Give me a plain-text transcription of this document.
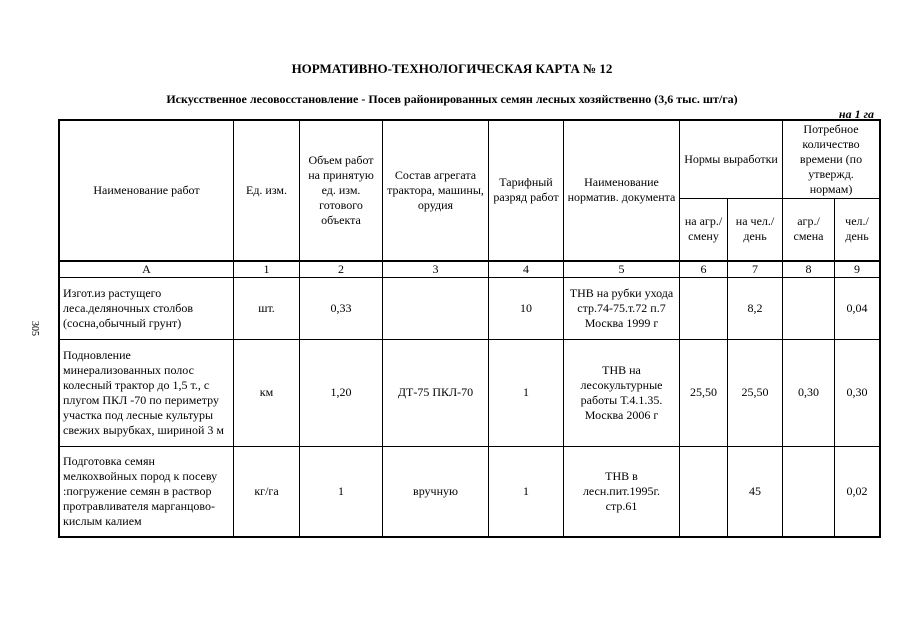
НОРМАТИВНО-ТЕХНОЛОГИЧЕСКАЯ КАРТА № 12
Искусственное лесовосстановление - Посев районированных семян лесных хозяйственно (3,6 тыс. шт/га)
на 1 га
305
Наименование работ	Ед. изм.	Объем работ на принятую ед. изм. готового объекта	Состав агрегата трактора, машины, орудия	Тарифный разряд работ	Наименование норматив. документа	Нормы выработки		Потребное количество времени (по утвержд. нормам)	
						на агр./ смену	на чел./ день	агр./ смена	чел./ день
А	1	2	3	4	5	6	7	8	9
Изгот.из растущего леса.деляночных столбов (сосна,обычный грунт)	шт.	0,33		10	ТНВ на рубки ухода стр.74-75.т.72 п.7 Москва 1999 г		8,2		0,04
Подновление минерализованных полос колесный трактор до 1,5 т., с плугом ПКЛ -70 по периметру участка под лесные культуры свежих вырубках, шириной 3 м	км	1,20	ДТ-75 ПКЛ-70	1	ТНВ на лесокультурные работы Т.4.1.35. Москва 2006 г	25,50	25,50	0,30	0,30
Подготовка семян мелкохвойных пород к посеву :погружение семян в раствор протравливателя марганцово-кислым калием	кг/га	1	вручную	1	ТНВ в лесн.пит.1995г. стр.61		45		0,02
